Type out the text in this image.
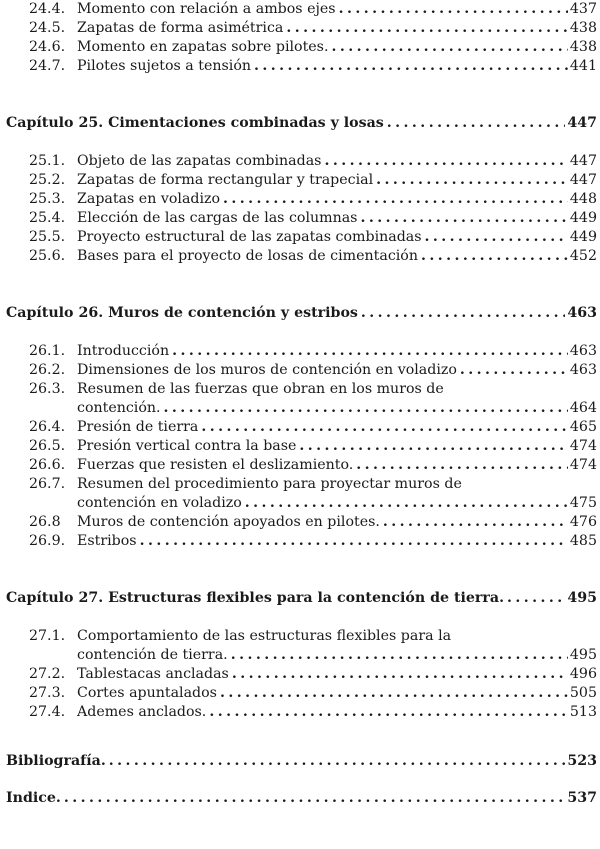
24.4. Momento con relación a ambos ejes . . .	437
24.5. Zapatas de forma asimétrica . . .	438
24.6. Momento en zapatas sobre pilotes. . . .	438
24.7. Pilotes sujetos a tensión . . .	441
Capítulo 25. Cimentaciones combinadas y losas . . .	447
25.1. Objeto de las zapatas combinadas . . .	447
25.2. Zapatas de forma rectangular y trapecial . . .	447
25.3. Zapatas en voladizo . . .	448
25.4. Elección de las cargas de las columnas . . .	449
25.5. Proyecto estructural de las zapatas combinadas . . .	449
25.6. Bases para el proyecto de losas de cimentación . . .	452
Capítulo 26. Muros de contención y estribos . . .	463
26.1. Introducción . . .	463
26.2. Dimensiones de los muros de contención en voladizo . . .	463
26.3. Resumen de las fuerzas que obran en los muros de
contención. . . .	464
26.4. Presión de tierra . . .	465
26.5. Presión vertical contra la base . . .	474
26.6. Fuerzas que resisten el deslizamiento. . . .	474
26.7. Resumen del procedimiento para proyectar muros de
contención en voladizo . . .	475
26.8	Muros de contención apoyados en pilotes. . . .	476
26.9. Estribos . . .	485
Capítulo 27. Estructuras flexibles para la contención de tierra. . . .	495
27.1. Comportamiento de las estructuras flexibles para la
contención de tierra. . . .	495
27.2. Tablestacas ancladas . . .	496
27.3. Cortes apuntalados . . .	505
27.4. Ademes anclados. . . .	513
Bibliografía. . . .	523
Indice. . . .	537
